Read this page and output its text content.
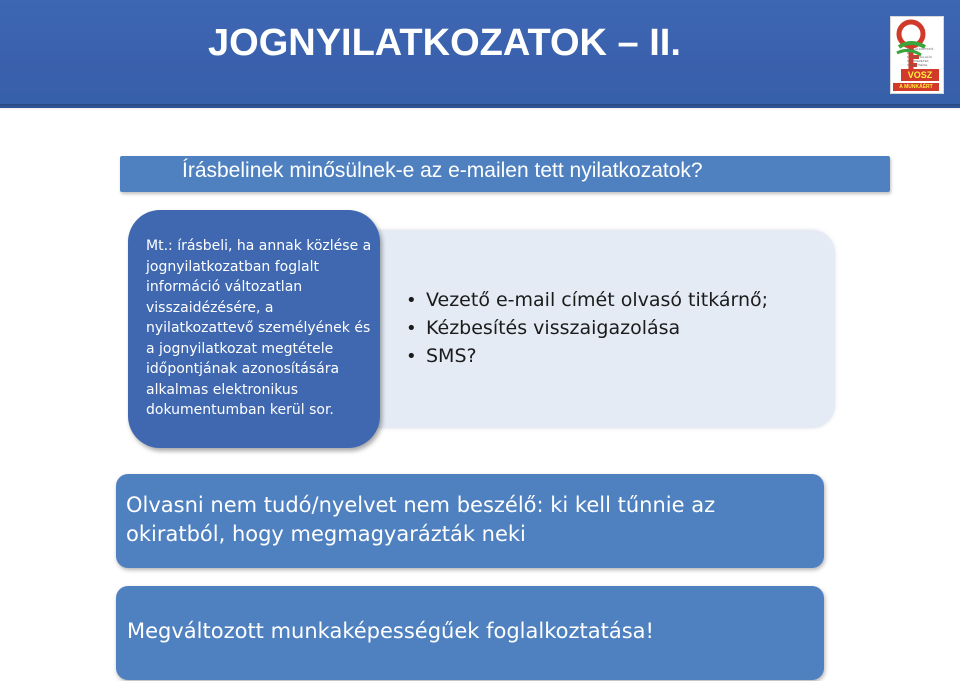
JOGNYILATKOZATOK – II.	FOGLALKOZTATÓI
ÉS
MUNKAVÁLLALÓI
SZERVEZETEK
SZÖVETSÉGE
VOSZ
A MUNKÁÉRT
Írásbelinek minősülnek-e az e-mailen tett nyilatkozatok?
• Vezető e-mail címét olvasó titkárnő;
• Kézbesítés visszaigazolása
• SMS?

Mt.: írásbeli, ha annak közlése a jognyilatkozatban foglalt információ változatlan visszaidézésére, a nyilatkozattevő személyének és a jognyilatkozat megtétele időpontjának azonosítására alkalmas elektronikus dokumentumban kerül sor.

Olvasni nem tudó/nyelvet nem beszélő: ki kell tűnnie az okiratból, hogy megmagyarázták neki
Megváltozott munkaképességűek foglalkoztatása!
